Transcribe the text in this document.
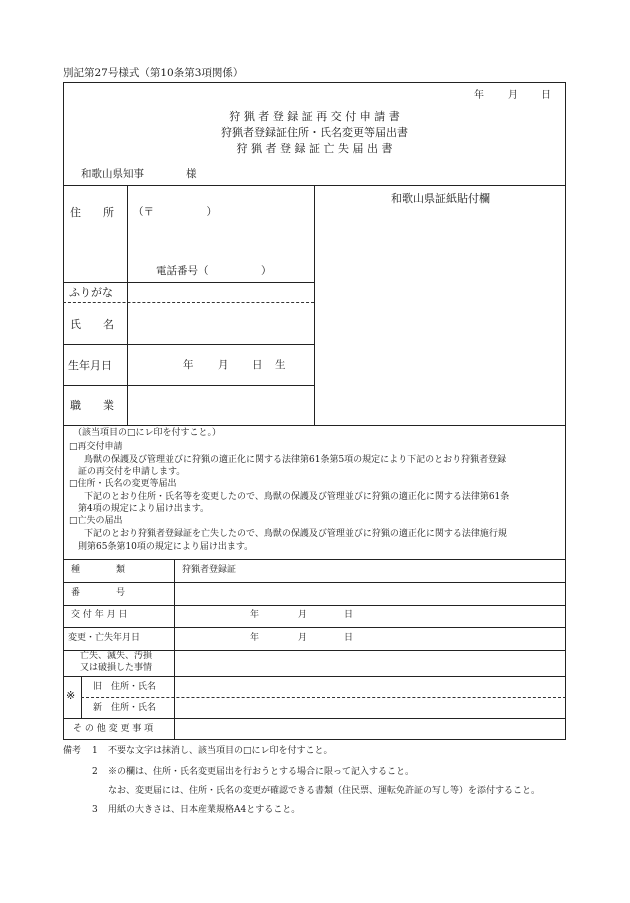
別記第27号様式（第10条第3項関係）
年 月 日
狩 猟 者 登 録 証 再 交 付 申 請 書
狩猟者登録証住所・氏名変更等届出書
狩 猟 者 登 録 証 亡 失 届 出 書
和歌山県知事	様
住　　所 （〒　　　　　）
電話番号（　　　　　）
ふりがな
氏　　名
生年月日	年 月 日 生
職　　業
和歌山県証紙貼付欄
（該当項目の□にレ印を付すこと。）
□再交付申請
鳥獣の保護及び管理並びに狩猟の適正化に関する法律第61条第5項の規定により下記のとおり狩猟者登録
証の再交付を申請します。
□住所・氏名の変更等届出
下記のとおり住所・氏名等を変更したので、鳥獣の保護及び管理並びに狩猟の適正化に関する法律第61条
第4項の規定により届け出ます。
□亡失の届出
下記のとおり狩猟者登録証を亡失したので、鳥獣の保護及び管理並びに狩猟の適正化に関する法律施行規
則第65条第10項の規定により届け出ます。
種　　　　類	狩猟者登録証
番　　　　号
交 付 年 月 日	年	月	日
変更・亡失年月日	年	月	日
亡失、滅失、汚損
又は破損した事情
※
旧　住所・氏名
新　住所・氏名
そ の 他 変 更 事 項
備考 1 不要な文字は抹消し、該当項目の□にレ印を付すこと。
2 ※の欄は、住所・氏名変更届出を行おうとする場合に限って記入すること。
なお、変更届には、住所・氏名の変更が確認できる書類（住民票、運転免許証の写し等）を添付すること。
3 用紙の大きさは、日本産業規格A4とすること。
